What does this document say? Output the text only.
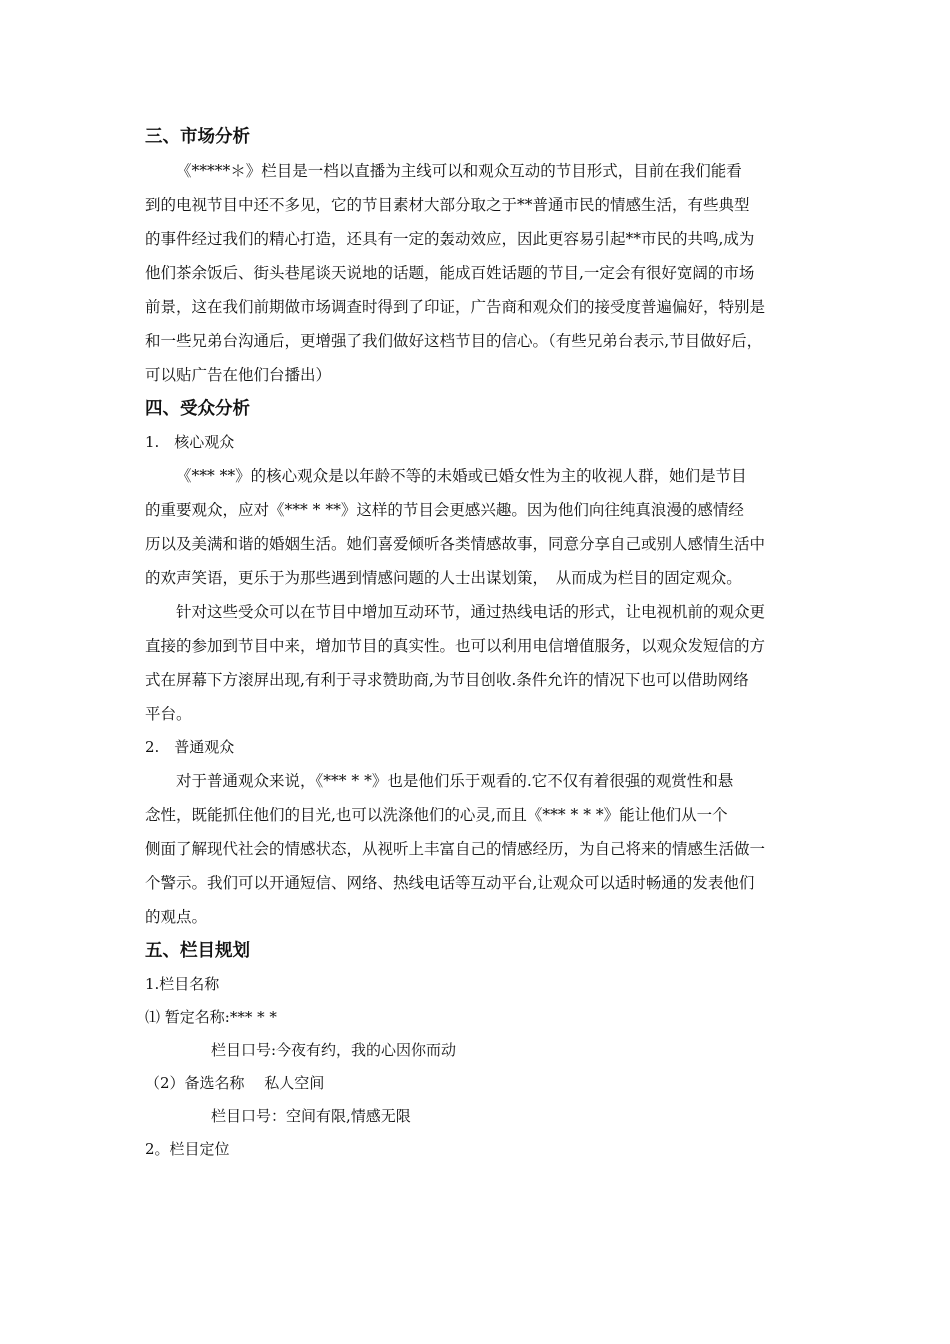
三、市场分析
《*****＊》栏目是一档以直播为主线可以和观众互动的节目形式，目前在我们能看
到的电视节目中还不多见，它的节目素材大部分取之于**普通市民的情感生活，有些典型
的事件经过我们的精心打造，还具有一定的轰动效应，因此更容易引起**市民的共鸣,成为
他们茶余饭后、街头巷尾谈天说地的话题，能成百姓话题的节目,一定会有很好宽阔的市场
前景，这在我们前期做市场调查时得到了印证，广告商和观众们的接受度普遍偏好，特别是
和一些兄弟台沟通后，更增强了我们做好这档节目的信心。（有些兄弟台表示,节目做好后，
可以贴广告在他们台播出）
四、受众分析
1.　核心观众
《*** **》的核心观众是以年龄不等的未婚或已婚女性为主的收视人群，她们是节目
的重要观众，应对《*** * **》这样的节目会更感兴趣。因为他们向往纯真浪漫的感情经
历以及美满和谐的婚姻生活。她们喜爱倾听各类情感故事，同意分享自己或别人感情生活中
的欢声笑语，更乐于为那些遇到情感问题的人士出谋划策，　从而成为栏目的固定观众。
针对这些受众可以在节目中增加互动环节，通过热线电话的形式，让电视机前的观众更
直接的参加到节目中来，增加节目的真实性。也可以利用电信增值服务，以观众发短信的方
式在屏幕下方滚屏出现,有利于寻求赞助商,为节目创收.条件允许的情况下也可以借助网络
平台。
2.　普通观众
对于普通观众来说，《*** * *》也是他们乐于观看的.它不仅有着很强的观赏性和悬
念性，既能抓住他们的目光,也可以洗涤他们的心灵,而且《*** * * *》能让他们从一个
侧面了解现代社会的情感状态，从视听上丰富自己的情感经历，为自己将来的情感生活做一
个警示。我们可以开通短信、网络、热线电话等互动平台,让观众可以适时畅通的发表他们
的观点。
五、栏目规划
1.栏目名称
⑴ 暂定名称:*** * *
栏目口号:今夜有约，我的心因你而动
（2）备选名称　 私人空间
栏目口号：空间有限,情感无限
2。栏目定位
